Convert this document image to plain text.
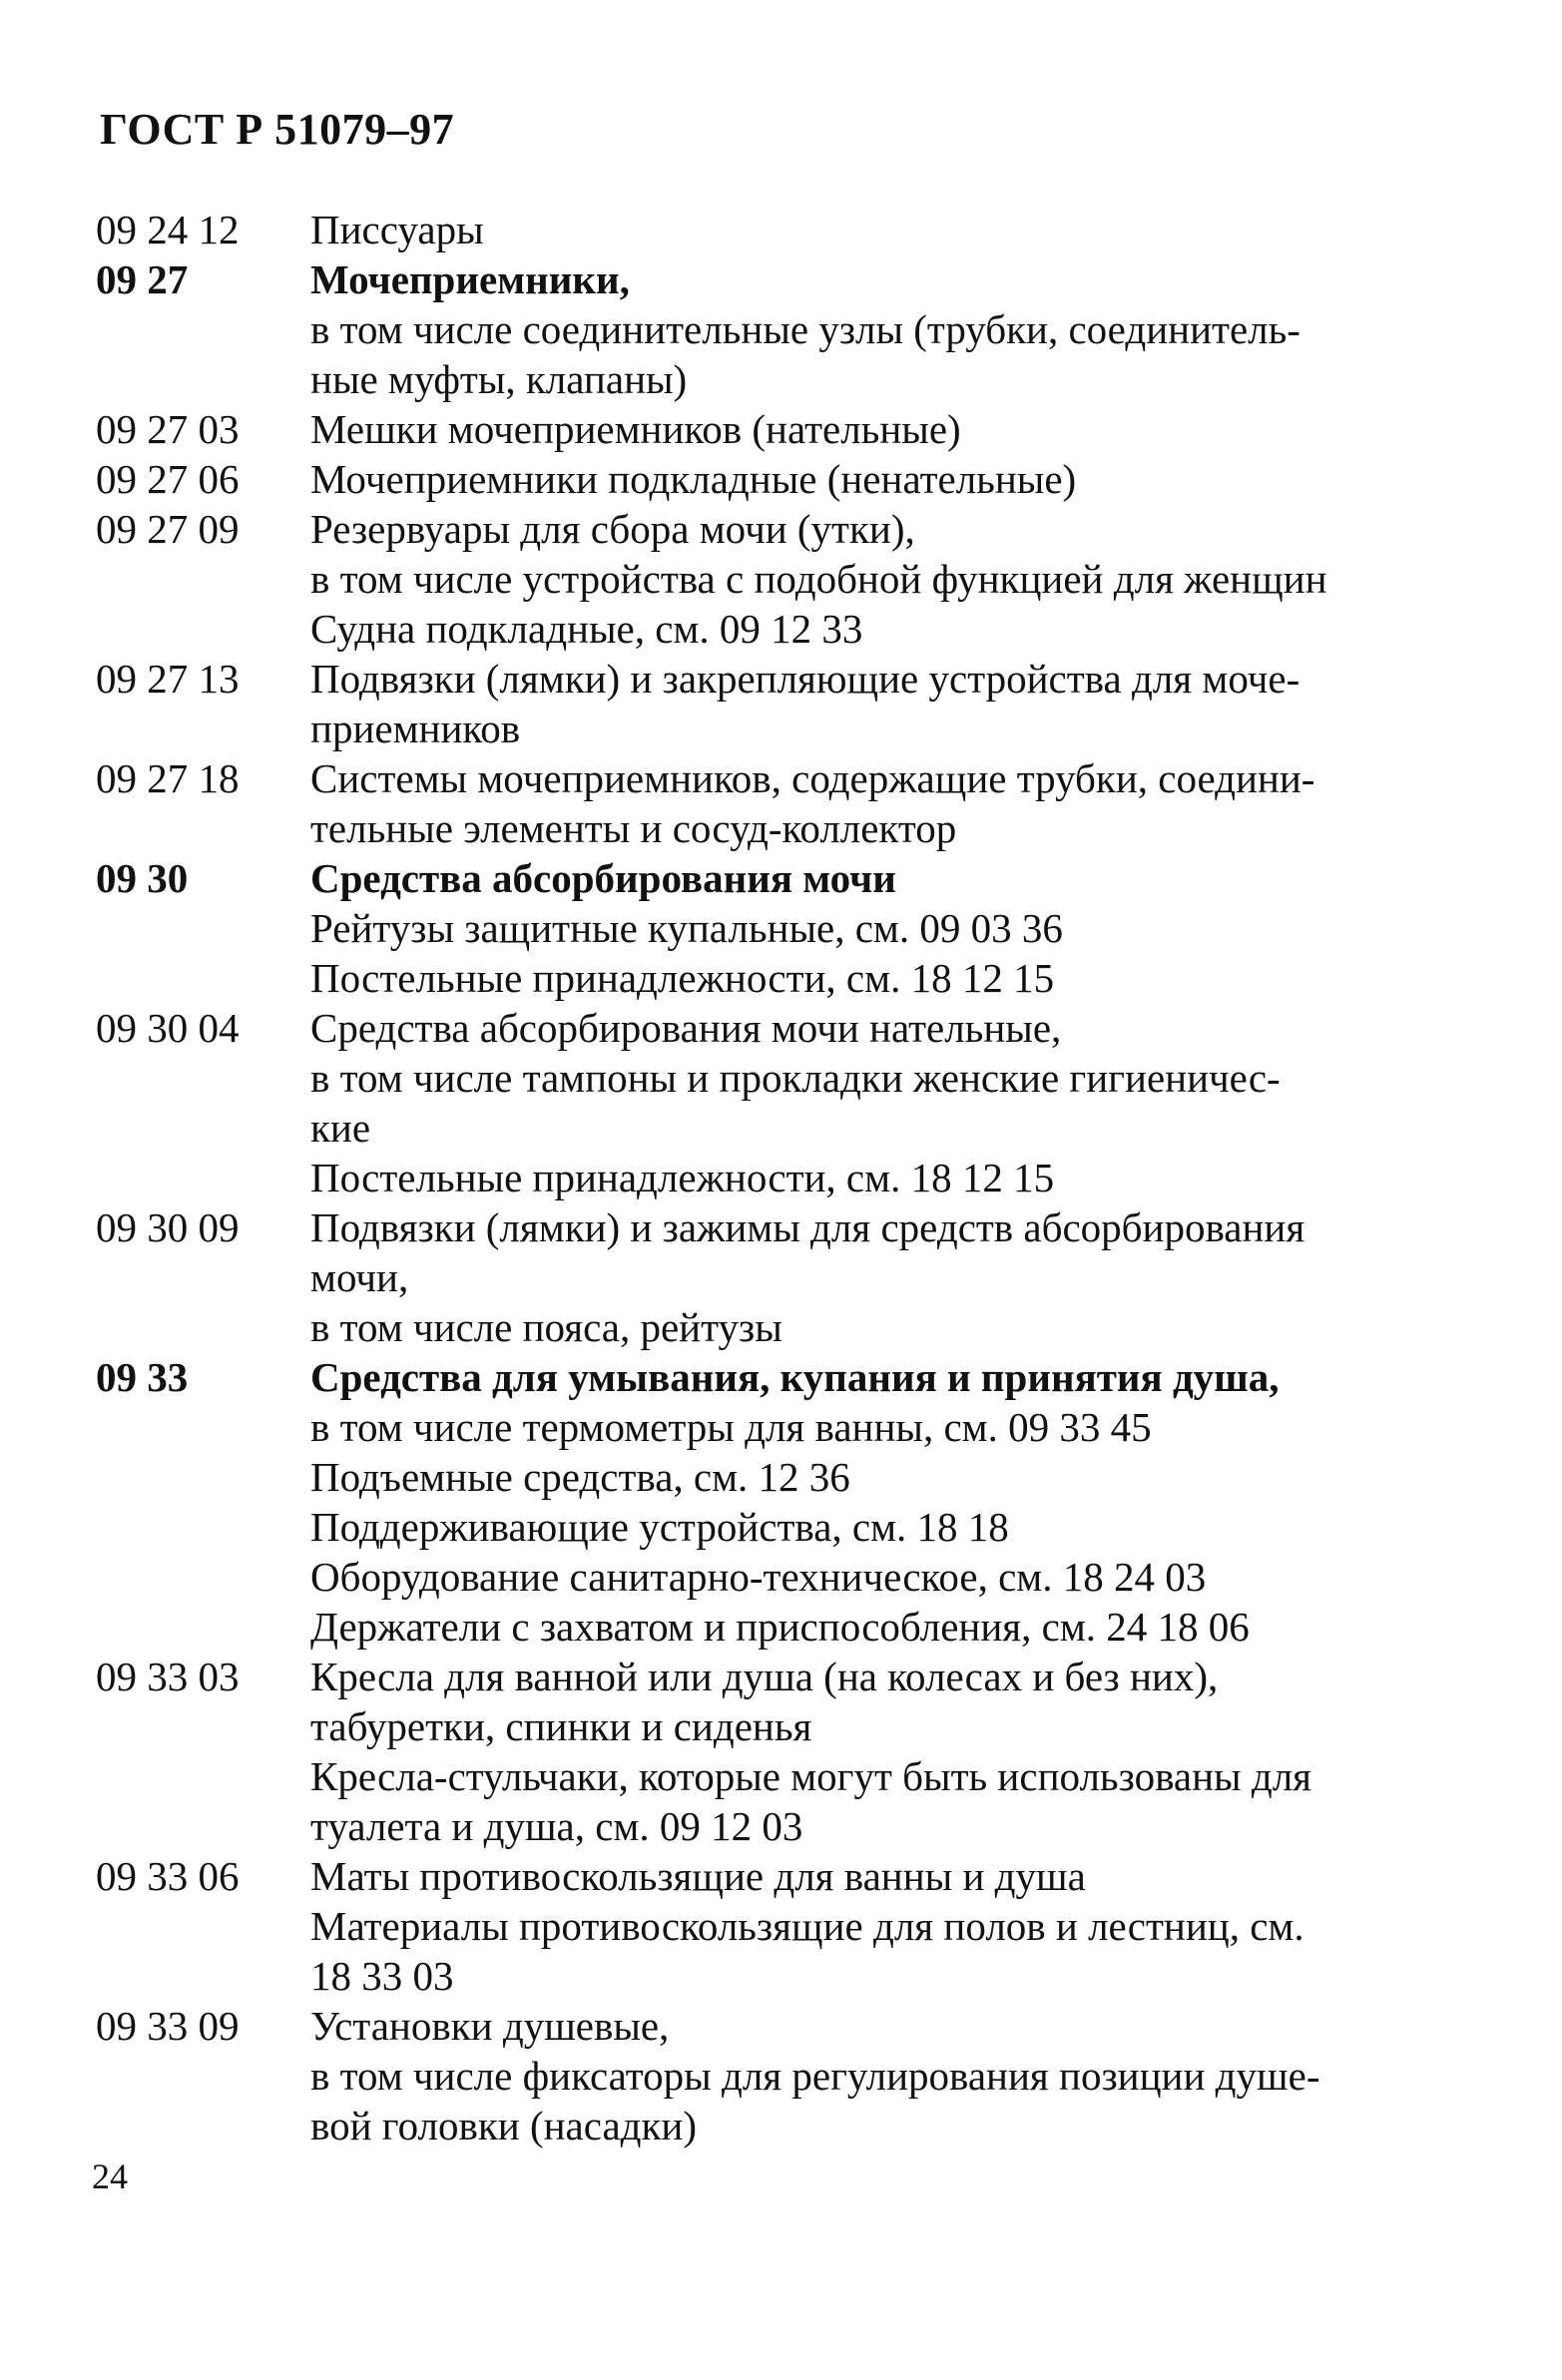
ГОСТ Р 51079–97
09 24 12	Писсуары
09 27	Мочеприемники,
в том числе соединительные узлы (трубки, соединитель-
ные муфты, клапаны)
09 27 03	Мешки мочеприемников (нательные)
09 27 06	Мочеприемники подкладные (ненательные)
09 27 09	Резервуары для сбора мочи (утки),
в том числе устройства с подобной функцией для женщин
Судна подкладные, см. 09 12 33
09 27 13	Подвязки (лямки) и закрепляющие устройства для моче-
приемников
09 27 18	Системы мочеприемников, содержащие трубки, соедини-
тельные элементы и сосуд-коллектор
09 30	Средства абсорбирования мочи
Рейтузы защитные купальные, см. 09 03 36
Постельные принадлежности, см. 18 12 15
09 30 04	Средства абсорбирования мочи нательные,
в том числе тампоны и прокладки женские гигиеничес-
кие
Постельные принадлежности, см. 18 12 15
09 30 09	Подвязки (лямки) и зажимы для средств абсорбирования
мочи,
в том числе пояса, рейтузы
09 33	Средства для умывания, купания и принятия душа,
в том числе термометры для ванны, см. 09 33 45
Подъемные средства, см. 12 36
Поддерживающие устройства, см. 18 18
Оборудование санитарно-техническое, см. 18 24 03
Держатели с захватом и приспособления, см. 24 18 06
09 33 03	Кресла для ванной или душа (на колесах и без них),
табуретки, спинки и сиденья
Кресла-стульчаки, которые могут быть использованы для
туалета и душа, см. 09 12 03
09 33 06	Маты противоскользящие для ванны и душа
Материалы противоскользящие для полов и лестниц, см.
18 33 03
09 33 09	Установки душевые,
в том числе фиксаторы для регулирования позиции душе-
вой головки (насадки)
24
